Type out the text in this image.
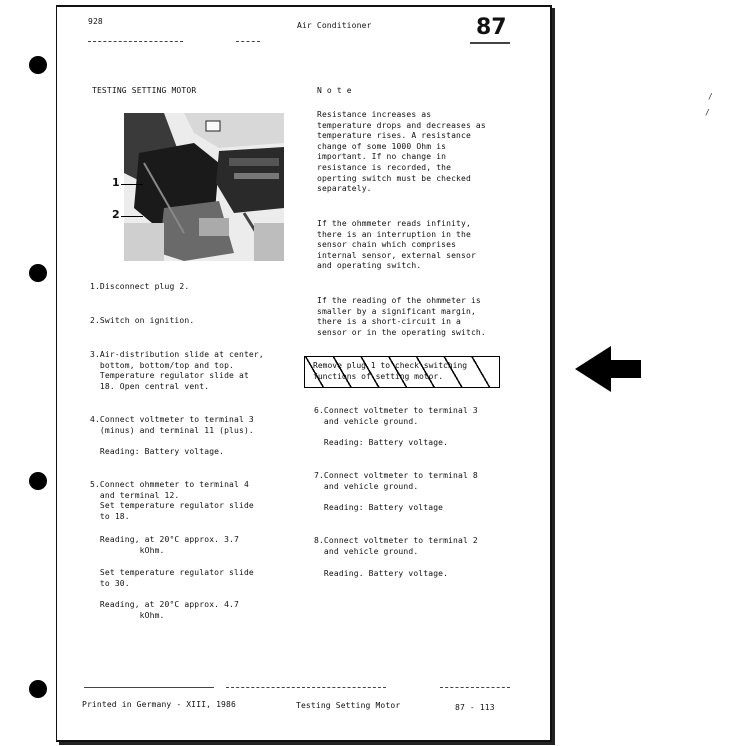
/
/
928	Air Conditioner	87
TESTING SETTING MOTOR
1
2
1.Disconnect plug 2.
2.Switch on ignition.
3.Air-distribution slide at center,
bottom, bottom/top and top.
Temperature regulator slide at
18. Open central vent.
4.Connect voltmeter to terminal 3
(minus) and terminal 11 (plus).
Reading: Battery voltage.
5.Connect ohmmeter to terminal 4
and terminal 12.
Set temperature regulator slide
to 18.
Reading, at 20°C approx. 3.7
kOhm.
Set temperature regulator slide
to 30.
Reading, at 20°C approx. 4.7
kOhm.
N o t e
Resistance increases as
temperature drops and decreases as
temperature rises. A resistance
change of some 1000 Ohm is
important. If no change in
resistance is recorded, the
operting switch must be checked
separately.
If the ohmmeter reads infinity,
there is an interruption in the
sensor chain which comprises
internal sensor, external sensor
and operating switch.
If the reading of the ohmmeter is
smaller by a significant margin,
there is a short-circuit in a
sensor or in the operating switch.
Remove plug 1 to check switching
functions of setting motor.
6.Connect voltmeter to terminal 3
and vehicle ground.
Reading: Battery voltage.
7.Connect voltmeter to terminal 8
and vehicle ground.
Reading: Battery voltage
8.Connect voltmeter to terminal 2
and vehicle ground.
Reading. Battery voltage.
Printed in Germany - XIII, 1986	Testing Setting Motor	87 - 113
